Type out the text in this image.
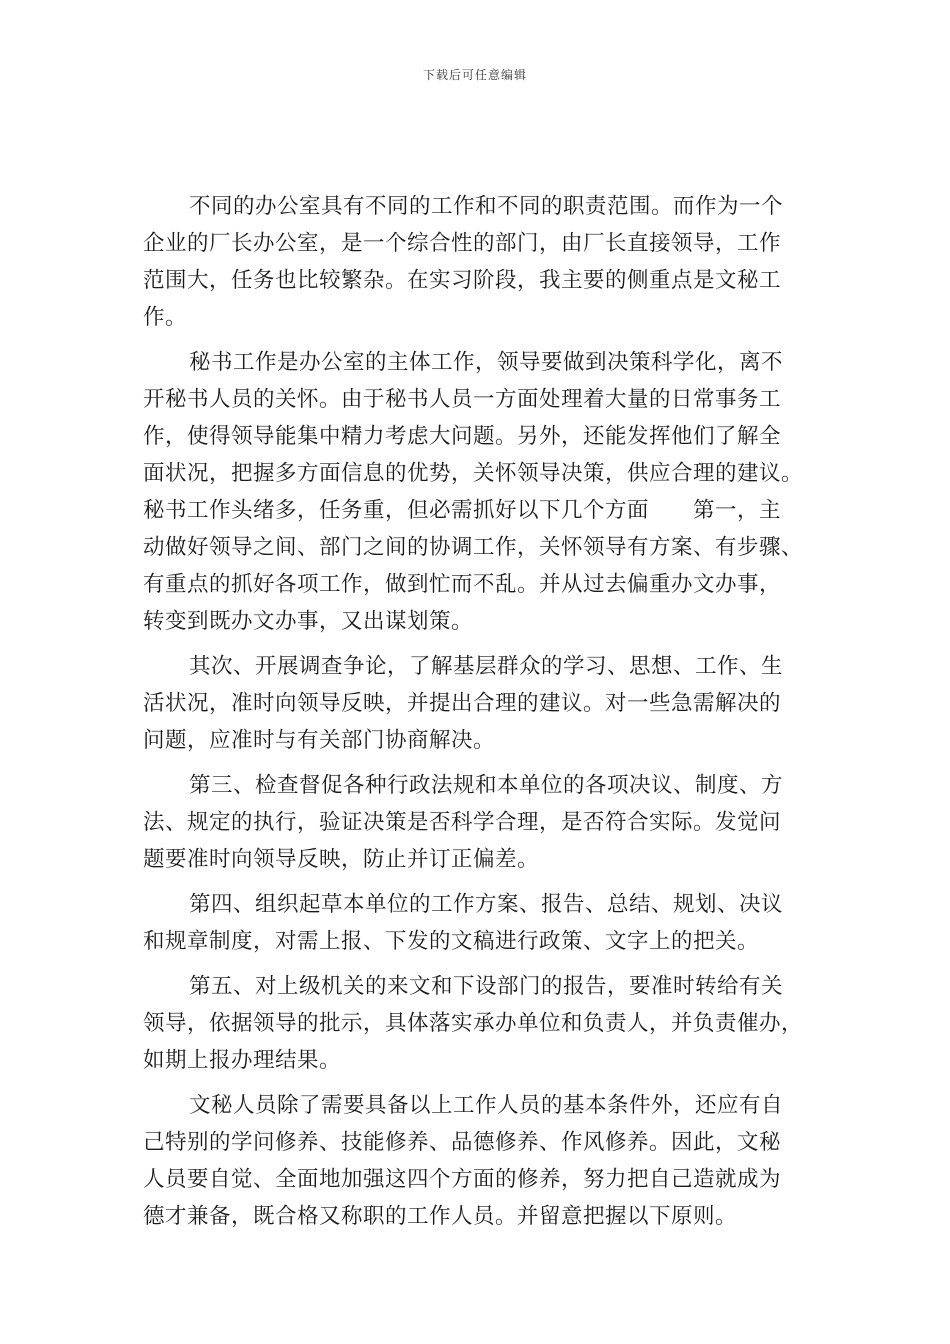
下载后可任意编辑
不同的办公室具有不同的工作和不同的职责范围。而作为一个
企业的厂长办公室，是一个综合性的部门，由厂长直接领导，工作
范围大，任务也比较繁杂。在实习阶段，我主要的侧重点是文秘工
作。
秘书工作是办公室的主体工作，领导要做到决策科学化，离不
开秘书人员的关怀。由于秘书人员一方面处理着大量的日常事务工
作，使得领导能集中精力考虑大问题。另外，还能发挥他们了解全
面状况，把握多方面信息的优势，关怀领导决策，供应合理的建议。
秘书工作头绪多，任务重，但必需抓好以下几个方面　　第一，主
动做好领导之间、部门之间的协调工作，关怀领导有方案、有步骤、
有重点的抓好各项工作，做到忙而不乱。并从过去偏重办文办事，
转变到既办文办事，又出谋划策。
其次、开展调查争论，了解基层群众的学习、思想、工作、生
活状况，准时向领导反映，并提出合理的建议。对一些急需解决的
问题，应准时与有关部门协商解决。
第三、检查督促各种行政法规和本单位的各项决议、制度、方
法、规定的执行，验证决策是否科学合理，是否符合实际。发觉问
题要准时向领导反映，防止并订正偏差。
第四、组织起草本单位的工作方案、报告、总结、规划、决议
和规章制度，对需上报、下发的文稿进行政策、文字上的把关。
第五、对上级机关的来文和下设部门的报告，要准时转给有关
领导，依据领导的批示，具体落实承办单位和负责人，并负责催办，
如期上报办理结果。
文秘人员除了需要具备以上工作人员的基本条件外，还应有自
己特别的学问修养、技能修养、品德修养、作风修养。因此，文秘
人员要自觉、全面地加强这四个方面的修养，努力把自己造就成为
德才兼备，既合格又称职的工作人员。并留意把握以下原则。
